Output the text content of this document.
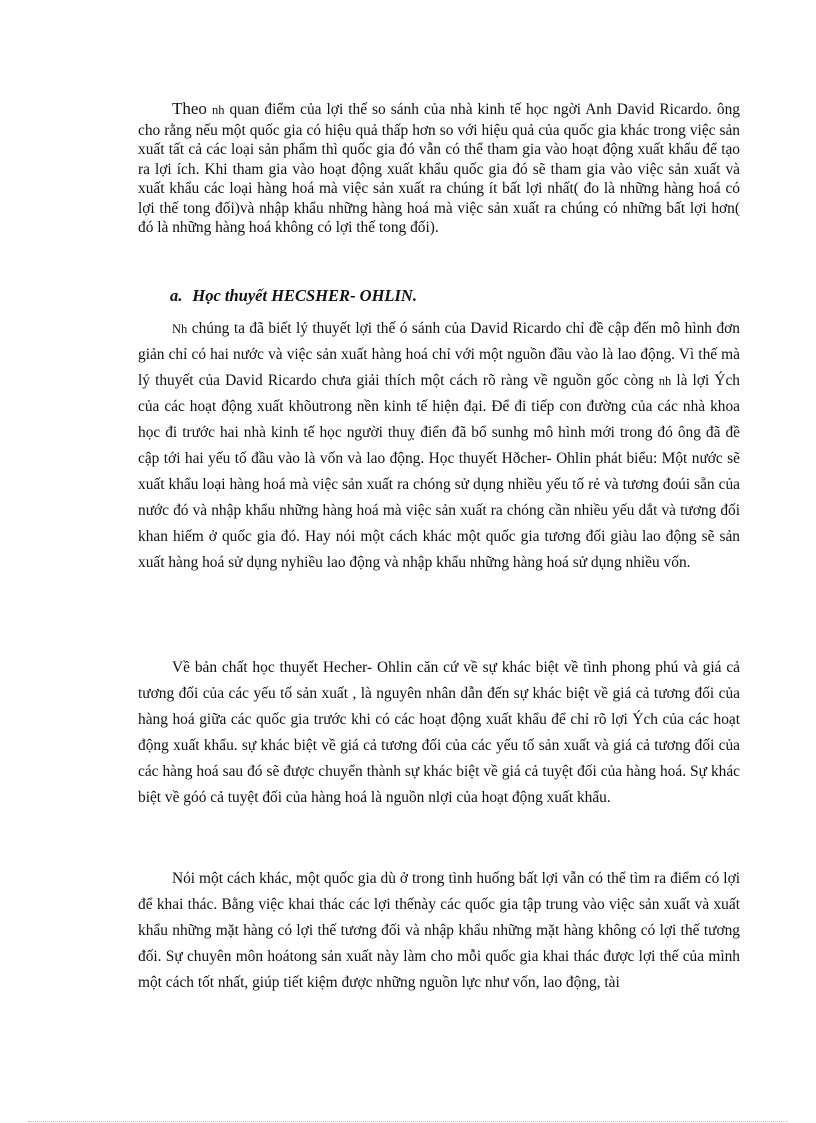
Theo nh quan điểm của lợi thế so sánh của nhà kinh tế học ngời Anh David Ricardo. ông cho rằng nếu một quốc gia có hiệu quả thấp hơn so với hiệu quả của quốc gia khác trong việc sản xuất tất cả các loại sản phẩm thì quốc gia đó vẫn có thể tham gia vào hoạt động xuất khẩu để tạo ra lợi ích. Khi tham gia vào hoạt động xuất khẩu quốc gia đó sẽ tham gia vào việc sản xuất và xuất khẩu các loại hàng hoá mà việc sản xuất ra chúng ít bất lợi nhất( đo là những hàng hoá có lợi thế tong đối)và nhập khẩu những hàng hoá mà việc sản xuất ra chúng có những bất lợi hơn( đó là những hàng hoá không có lợi thế tong đối).

a. Học thuyết HECSHER- OHLIN.

Nh chúng ta đã biết lý thuyết lợi thế ó sánh của David Ricardo chỉ đề cập đến mô hình đơn giản chỉ có hai nước và việc sản xuất hàng hoá chỉ với một nguồn đầu vào là lao động. Vì thế mà lý thuyết của David Ricardo chưa giải thích một cách rõ ràng về nguồn gốc còng nh là lợi Ých của các hoạt động xuất khõutrong nền kinh tế hiện đại. Để đi tiếp con đường của các nhà khoa học đi trước hai nhà kinh tế học người thuỵ điển đã bổ sunhg mô hình mới trong đó ông đã đề cập tới hai yếu tố đầu vào là vốn và lao động. Học thuyết Hðcher- Ohlin phát biểu: Một nước sẽ xuất khẩu loại hàng hoá mà việc sản xuất ra chóng sử dụng nhiều yếu tố rẻ và tương đoúi sẵn của nước đó và nhập khẩu những hàng hoá mà việc sản xuất ra chóng cần nhiều yếu dắt và tương đối khan hiếm ở quốc gia đó. Hay nói một cách khác một quốc gia tương đối giàu lao động sẽ sản xuất hàng hoá sử dụng nyhiều lao động và nhập khẩu những hàng hoá sử dụng nhiều vốn.

Về bản chất học thuyết Hecher- Ohlin căn cứ về sự khác biệt về tình phong phú và giá cả tương đối của các yếu tố sản xuất , là nguyên nhân dẫn đến sự khác biệt về giá cả tương đối của hàng hoá giữa các quốc gia trước khi có các hoạt động xuất khẩu để chỉ rõ lợi Ých của các hoạt động xuất khẩu. sự khác biệt về giá cả tương đối của các yếu tố sản xuất và giá cả tương đối của các hàng hoá sau đó sẽ được chuyển thành sự khác biệt về giá cả tuyệt đối của hàng hoá. Sự khác biệt về góó cả tuyệt đối của hàng hoá là nguồn nlợi của hoạt động xuất khẩu.

Nói một cách khác, một quốc gia dù ở trong tình huống bất lợi vẫn có thể tìm ra điểm có lợi để khai thác. Bằng việc khai thác các lợi thếnày các quốc gia tập trung vào việc sản xuất và xuất khẩu những mặt hàng có lợi thế tương đối và nhập khẩu những mặt hàng không có lợi thế tương đối. Sự chuyên môn hoátong sản xuất này làm cho mỗi quốc gia khai thác được lợi thế của mình một cách tốt nhất, giúp tiết kiệm được những nguồn lực như vốn, lao động, tài
